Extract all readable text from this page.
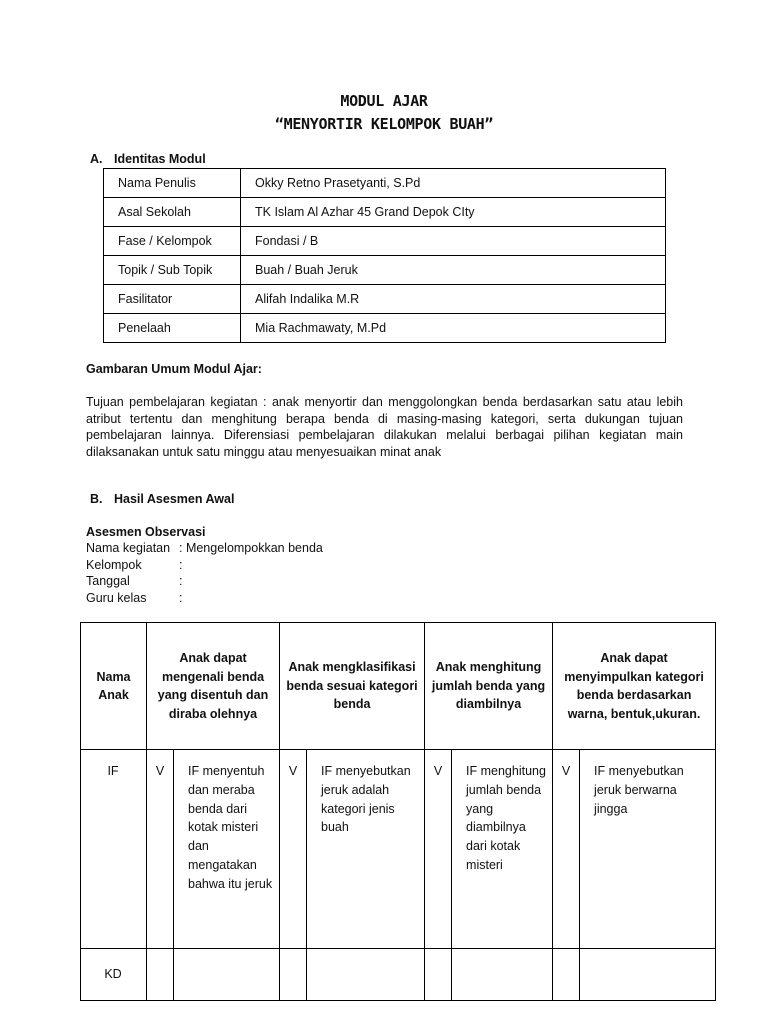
MODUL AJAR
“MENYORTIR KELOMPOK BUAH”
A. Identitas Modul
Nama Penulis	Okky Retno Prasetyanti, S.Pd
Asal Sekolah	TK Islam Al Azhar 45 Grand Depok CIty
Fase / Kelompok	Fondasi / B
Topik / Sub Topik	Buah / Buah Jeruk
Fasilitator	Alifah Indalika M.R
Penelaah	Mia Rachmawaty, M.Pd
Gambaran Umum Modul Ajar:
Tujuan pembelajaran kegiatan : anak menyortir dan menggolongkan benda berdasarkan satu atau lebih atribut tertentu dan menghitung berapa benda di masing-masing kategori, serta dukungan tujuan pembelajaran lainnya. Diferensiasi pembelajaran dilakukan melalui berbagai pilihan kegiatan main dilaksanakan untuk satu minggu atau menyesuaikan minat anak
B. Hasil Asesmen Awal
Asesmen Observasi
Nama kegiatan : Mengelompokkan benda
Kelompok	:
Tanggal	:
Guru kelas	:
Nama Anak	Anak dapat mengenali benda yang disentuh dan diraba olehnya		Anak mengklasifikasi benda sesuai kategori benda		Anak menghitung jumlah benda yang diambilnya		Anak dapat menyimpulkan kategori benda berdasarkan warna, bentuk,ukuran.	
IF	V	IF menyentuh dan meraba benda dari kotak misteri dan mengatakan bahwa itu jeruk	V	IF menyebutkan jeruk adalah kategori jenis buah	V	IF menghitung jumlah benda yang diambilnya dari kotak misteri	V	IF menyebutkan jeruk berwarna jingga
KD								
